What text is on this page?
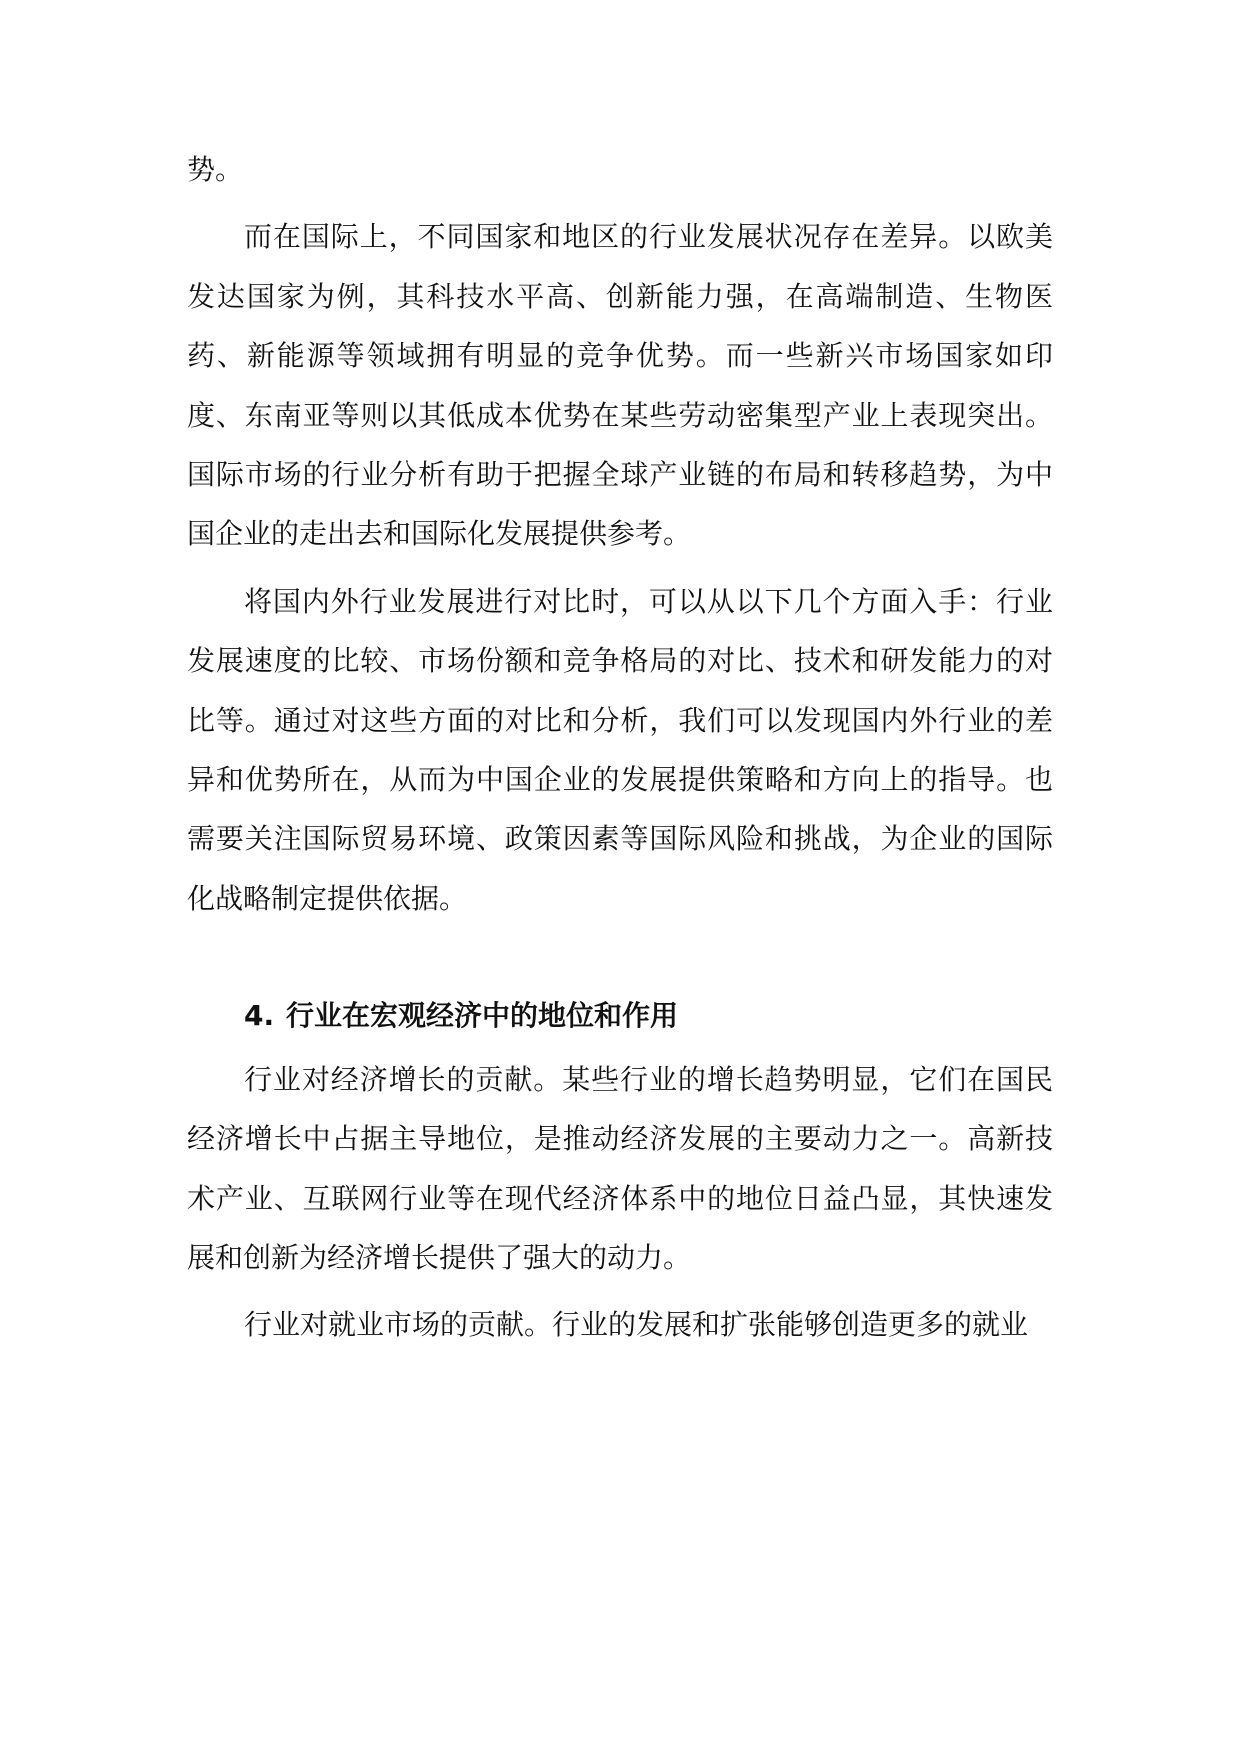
势。

而在国际上，不同国家和地区的行业发展状况存在差异。以欧美发达国家为例，其科技水平高、创新能力强，在高端制造、生物医药、新能源等领域拥有明显的竞争优势。而一些新兴市场国家如印度、东南亚等则以其低成本优势在某些劳动密集型产业上表现突出。国际市场的行业分析有助于把握全球产业链的布局和转移趋势，为中国企业的走出去和国际化发展提供参考。

将国内外行业发展进行对比时，可以从以下几个方面入手：行业发展速度的比较、市场份额和竞争格局的对比、技术和研发能力的对比等。通过对这些方面的对比和分析，我们可以发现国内外行业的差异和优势所在，从而为中国企业的发展提供策略和方向上的指导。也需要关注国际贸易环境、政策因素等国际风险和挑战，为企业的国际化战略制定提供依据。

4. 行业在宏观经济中的地位和作用

行业对经济增长的贡献。某些行业的增长趋势明显，它们在国民经济增长中占据主导地位，是推动经济发展的主要动力之一。高新技术产业、互联网行业等在现代经济体系中的地位日益凸显，其快速发展和创新为经济增长提供了强大的动力。

行业对就业市场的贡献。行业的发展和扩张能够创造更多的就业
